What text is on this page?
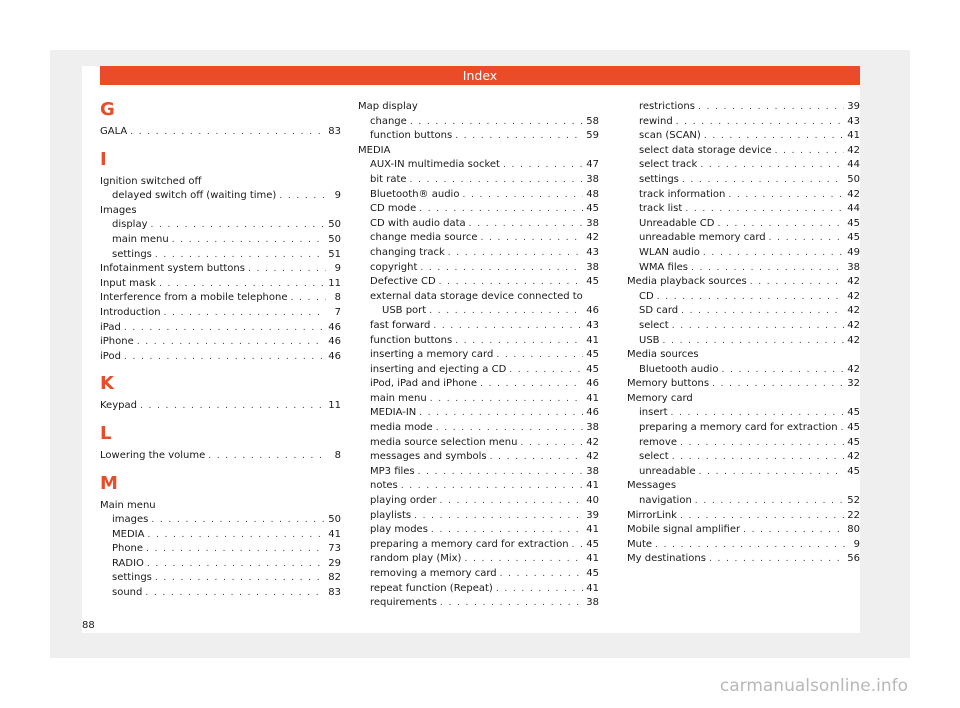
Index
G
GALA . . .	83
I
Ignition switched off
delayed switch off (waiting time) . . .	9
Images
display . . .	50
main menu . . .	50
settings . . .	51
Infotainment system buttons . . .	9
Input mask . . .	11
Interference from a mobile telephone . . .	8
Introduction . . .	7
iPad . . .	46
iPhone . . .	46
iPod . . .	46
K
Keypad . . .	11
L
Lowering the volume . . .	8
M
Main menu
images . . .	50
MEDIA . . .	41
Phone . . .	73
RADIO . . .	29
settings . . .	82
sound . . .	83
Map display
change . . .	58
function buttons . . .	59
MEDIA
AUX-IN multimedia socket . . .	47
bit rate . . .	38
Bluetooth® audio . . .	48
CD mode . . .	45
CD with audio data . . .	38
change media source . . .	42
changing track . . .	43
copyright . . .	38
Defective CD . . .	45
external data storage device connected to
USB port . . .	46
fast forward . . .	43
function buttons . . .	41
inserting a memory card . . .	45
inserting and ejecting a CD . . .	45
iPod, iPad and iPhone . . .	46
main menu . . .	41
MEDIA-IN . . .	46
media mode . . .	38
media source selection menu . . .	42
messages and symbols . . .	42
MP3 files . . .	38
notes . . .	41
playing order . . .	40
playlists . . .	39
play modes . . .	41
preparing a memory card for extraction . . . 45
random play (Mix) . . .	41
removing a memory card . . .	45
repeat function (Repeat) . . .	41
requirements . . .	38
restrictions . . .	39
rewind . . .	43
scan (SCAN) . . .	41
select data storage device . . .	42
select track . . .	44
settings . . .	50
track information . . .	42
track list . . .	44
Unreadable CD . . .	45
unreadable memory card . . .	45
WLAN audio . . .	49
WMA files . . .	38
Media playback sources . . .	42
CD . . .	42
SD card . . .	42
select . . .	42
USB . . .	42
Media sources
Bluetooth audio . . .	42
Memory buttons . . .	32
Memory card
insert . . .	45
preparing a memory card for extraction . . . 45
remove . . .	45
select . . .	42
unreadable . . .	45
Messages
navigation . . .	52
MirrorLink . . .	22
Mobile signal amplifier . . .	80
Mute . . .	9
My destinations . . .	56
88
carmanualsonline.info
